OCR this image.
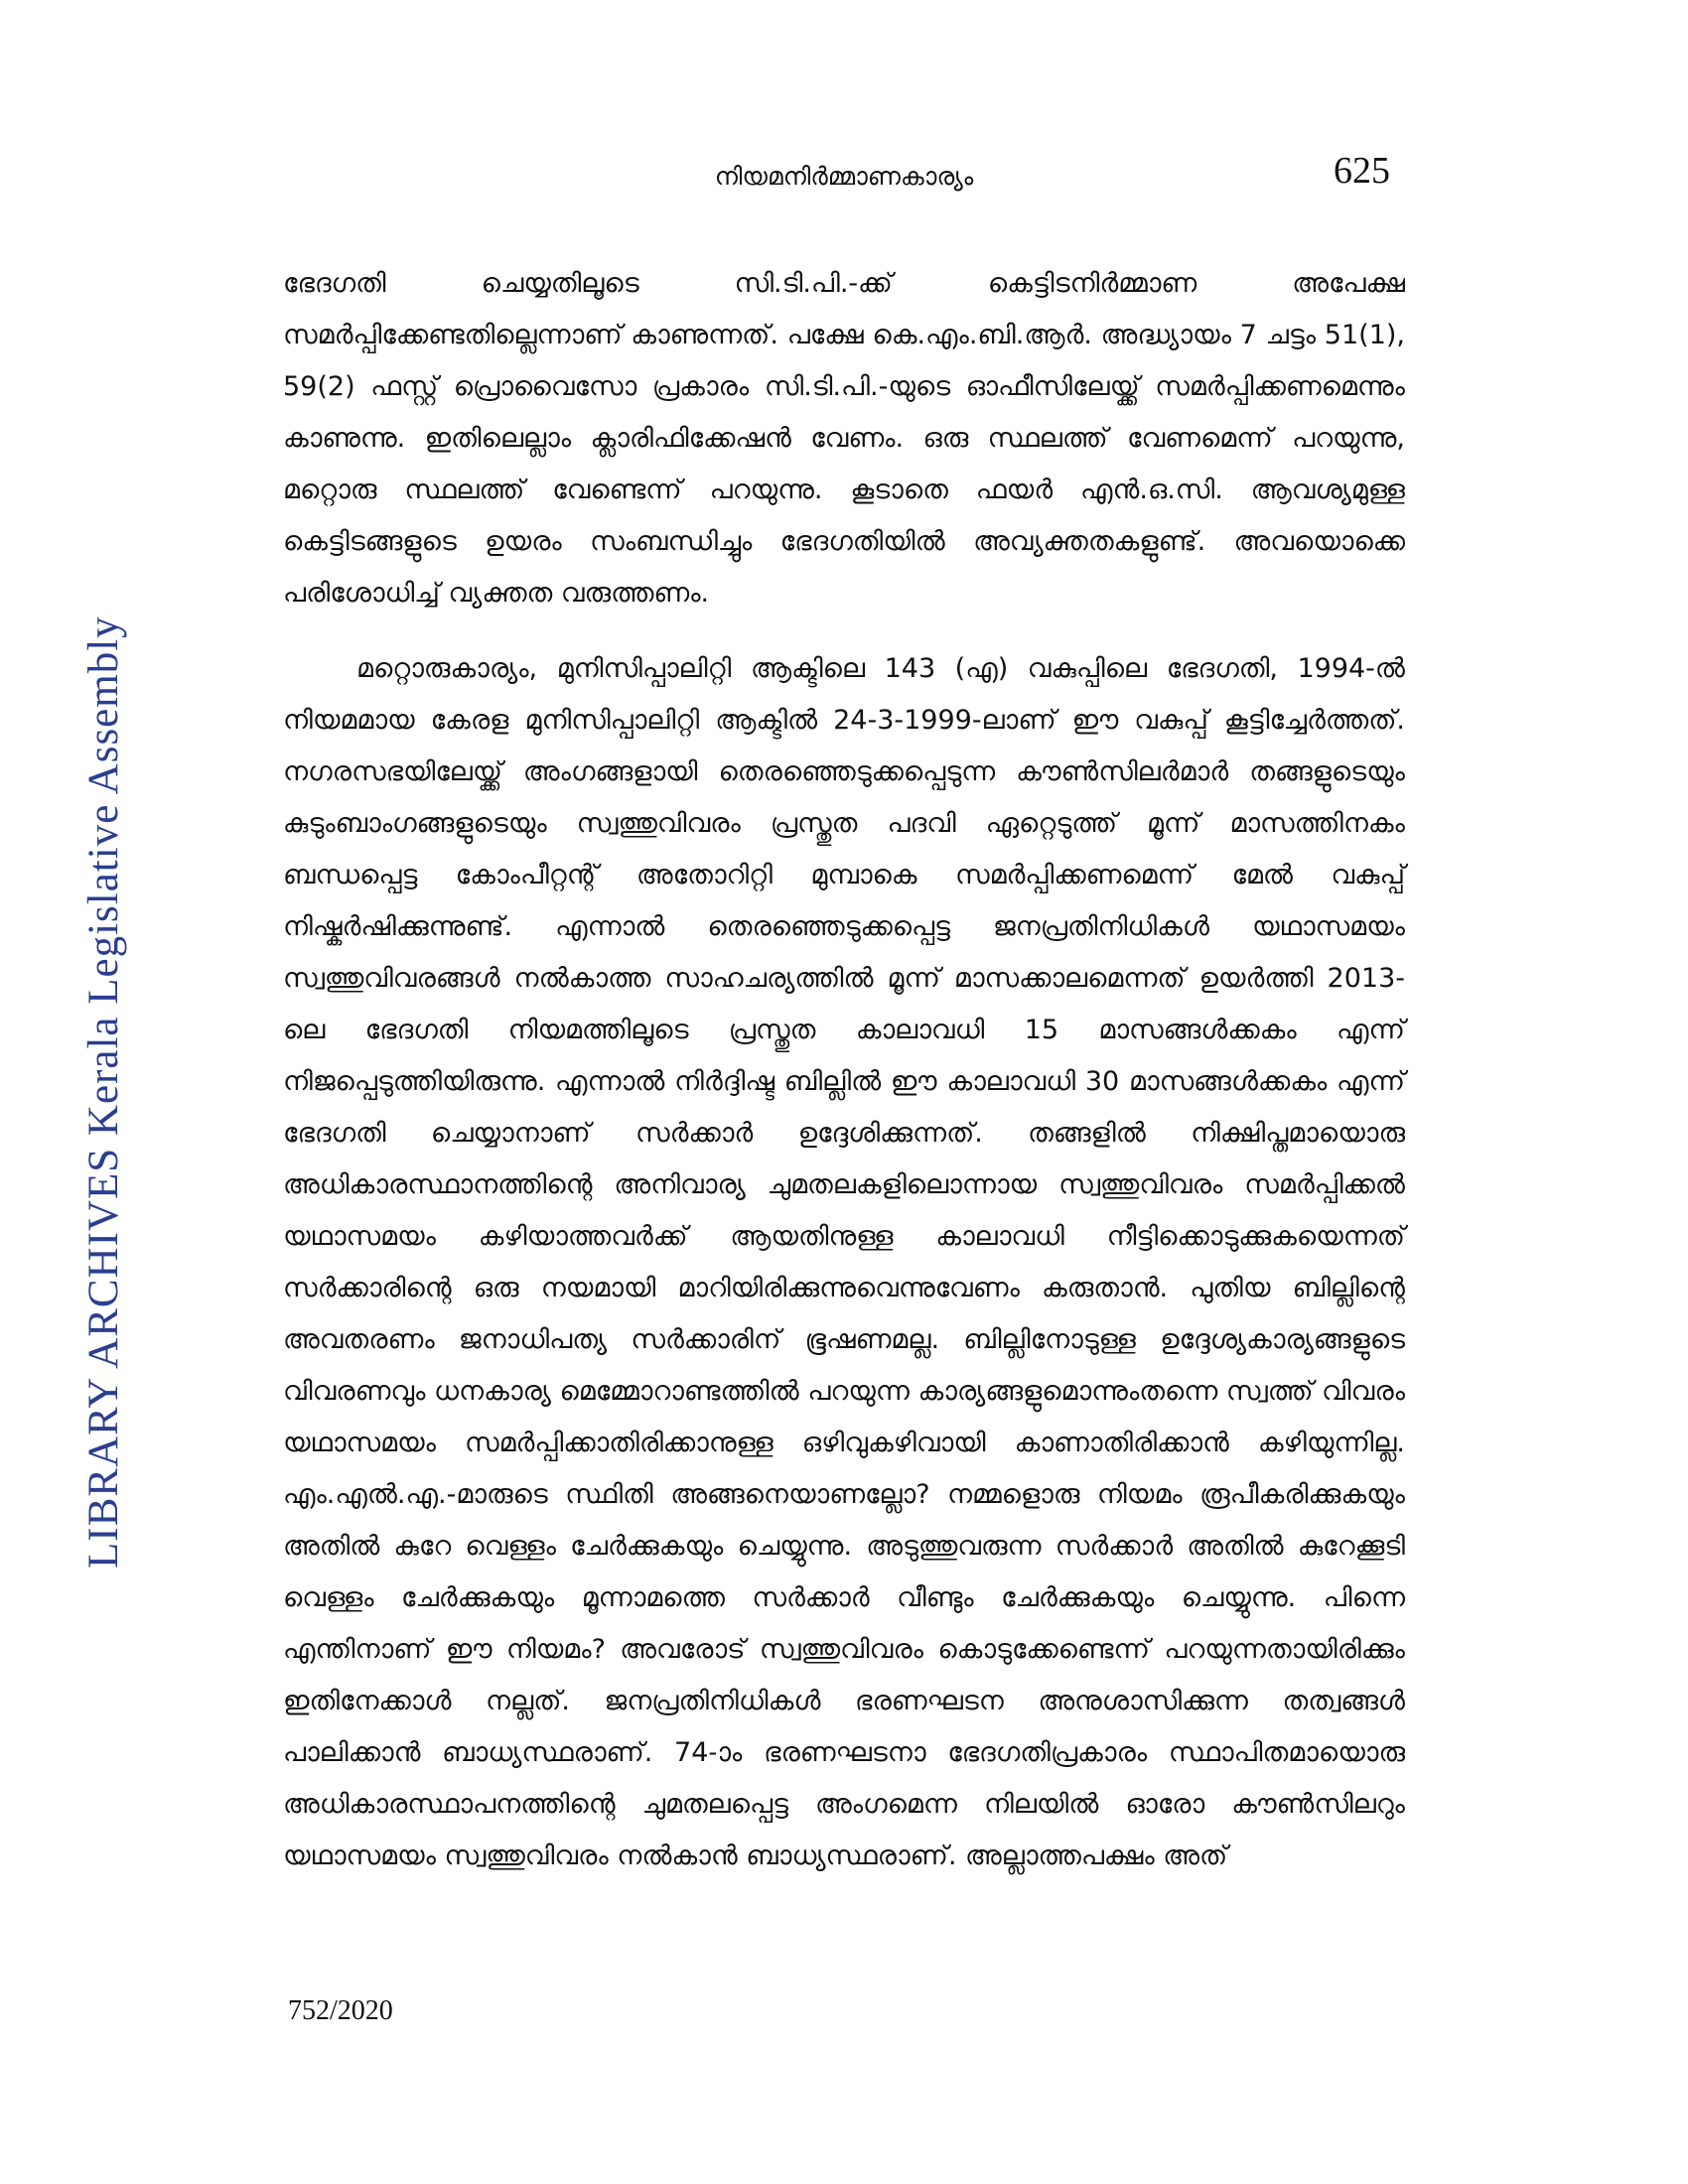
നിയമനിർമ്മാണകാര്യം	625
LIBRARY ARCHIVES Kerala Legislative Assembly

ഭേദഗതി ചെയ്യതിലൂടെ സി.ടി.പി.-ക്ക് കെട്ടിടനിർമ്മാണ അപേക്ഷ സമർപ്പിക്കേണ്ടതില്ലെന്നാണ് കാണുന്നത്. പക്ഷേ കെ.എം.ബി.ആർ. അദ്ധ്യായം 7 ചട്ടം 51(1), 59(2) ഫസ്റ്റ് പ്രൊവൈസോ പ്രകാരം സി.ടി.പി.-യുടെ ഓഫീസിലേയ്ക്ക് സമർപ്പിക്കണമെന്നും കാണുന്നു. ഇതിലെല്ലാം ക്ലാരിഫിക്കേഷൻ വേണം. ഒരു സ്ഥലത്ത് വേണമെന്ന് പറയുന്നു, മറ്റൊരു സ്ഥലത്ത് വേണ്ടെന്ന് പറയുന്നു. കൂടാതെ ഫയർ എൻ.ഒ.സി. ആവശ്യമുള്ള കെട്ടിടങ്ങളുടെ ഉയരം സംബന്ധിച്ചും ഭേദഗതിയിൽ അവ്യക്തതകളുണ്ട്. അവയൊക്കെ പരിശോധിച്ച് വ്യക്തത വരുത്തണം.

മറ്റൊരുകാര്യം, മുനിസിപ്പാലിറ്റി ആക്ടിലെ 143 (എ) വകുപ്പിലെ ഭേദഗതി, 1994-ൽ നിയമമായ കേരള മുനിസിപ്പാലിറ്റി ആക്ടിൽ 24-3-1999-ലാണ് ഈ വകുപ്പ് കൂട്ടിച്ചേർത്തത്. നഗരസഭയിലേയ്ക്ക് അംഗങ്ങളായി തെരഞ്ഞെടുക്കപ്പെടുന്ന കൗൺസിലർമാർ തങ്ങളുടെയും കുടുംബാംഗങ്ങളുടെയും സ്വത്തുവിവരം പ്രസ്തുത പദവി ഏറ്റെടുത്ത് മൂന്ന് മാസത്തിനകം ബന്ധപ്പെട്ട കോംപീറ്റന്റ് അതോറിറ്റി മുമ്പാകെ സമർപ്പിക്കണമെന്ന് മേൽ വകുപ്പ് നിഷ്കർഷിക്കുന്നുണ്ട്. എന്നാൽ തെരഞ്ഞെടുക്കപ്പെട്ട ജനപ്രതിനിധികൾ യഥാസമയം സ്വത്തുവിവരങ്ങൾ നൽകാത്ത സാഹചര്യത്തിൽ മൂന്ന് മാസക്കാലമെന്നത് ഉയർത്തി 2013-ലെ ഭേദഗതി നിയമത്തിലൂടെ പ്രസ്തുത കാലാവധി 15 മാസങ്ങൾക്കകം എന്ന് നിജപ്പെടുത്തിയിരുന്നു. എന്നാൽ നിർദ്ദിഷ്ട ബില്ലിൽ ഈ കാലാവധി 30 മാസങ്ങൾക്കകം എന്ന് ഭേദഗതി ചെയ്യാനാണ് സർക്കാർ ഉദ്ദേശിക്കുന്നത്. തങ്ങളിൽ നിക്ഷിപ്തമായൊരു അധികാരസ്ഥാനത്തിന്റെ അനിവാര്യ ചുമതലകളിലൊന്നായ സ്വത്തുവിവരം സമർപ്പിക്കൽ യഥാസമയം കഴിയാത്തവർക്ക് ആയതിനുള്ള കാലാവധി നീട്ടിക്കൊടുക്കുകയെന്നത് സർക്കാരിന്റെ ഒരു നയമായി മാറിയിരിക്കുന്നുവെന്നുവേണം കരുതാൻ. പുതിയ ബില്ലിന്റെ അവതരണം ജനാധിപത്യ സർക്കാരിന് ഭൂഷണമല്ല. ബില്ലിനോടുള്ള ഉദ്ദേശ്യകാര്യങ്ങളുടെ വിവരണവും ധനകാര്യ മെമ്മോറാണ്ടത്തിൽ പറയുന്ന കാര്യങ്ങളുമൊന്നുംതന്നെ സ്വത്ത് വിവരം യഥാസമയം സമർപ്പിക്കാതിരിക്കാനുള്ള ഒഴിവുകഴിവായി കാണാതിരിക്കാൻ കഴിയുന്നില്ല. എം.എൽ.എ.-മാരുടെ സ്ഥിതി അങ്ങനെയാണല്ലോ? നമ്മളൊരു നിയമം രൂപീകരിക്കുകയും അതിൽ കുറേ വെള്ളം ചേർക്കുകയും ചെയ്യുന്നു. അടുത്തുവരുന്ന സർക്കാർ അതിൽ കുറേക്കൂടി വെള്ളം ചേർക്കുകയും മൂന്നാമത്തെ സർക്കാർ വീണ്ടും ചേർക്കുകയും ചെയ്യുന്നു. പിന്നെ എന്തിനാണ് ഈ നിയമം? അവരോട് സ്വത്തുവിവരം കൊടുക്കേണ്ടെന്ന് പറയുന്നതായിരിക്കും ഇതിനേക്കാൾ നല്ലത്. ജനപ്രതിനിധികൾ ഭരണഘടന അനുശാസിക്കുന്ന തത്വങ്ങൾ പാലിക്കാൻ ബാധ്യസ്ഥരാണ്. 74-ാം ഭരണഘടനാ ഭേദഗതിപ്രകാരം സ്ഥാപിതമായൊരു അധികാരസ്ഥാപനത്തിന്റെ ചുമതലപ്പെട്ട അംഗമെന്ന നിലയിൽ ഓരോ കൗൺസിലറും യഥാസമയം സ്വത്തുവിവരം നൽകാൻ ബാധ്യസ്ഥരാണ്. അല്ലാത്തപക്ഷം അത്

752/2020
